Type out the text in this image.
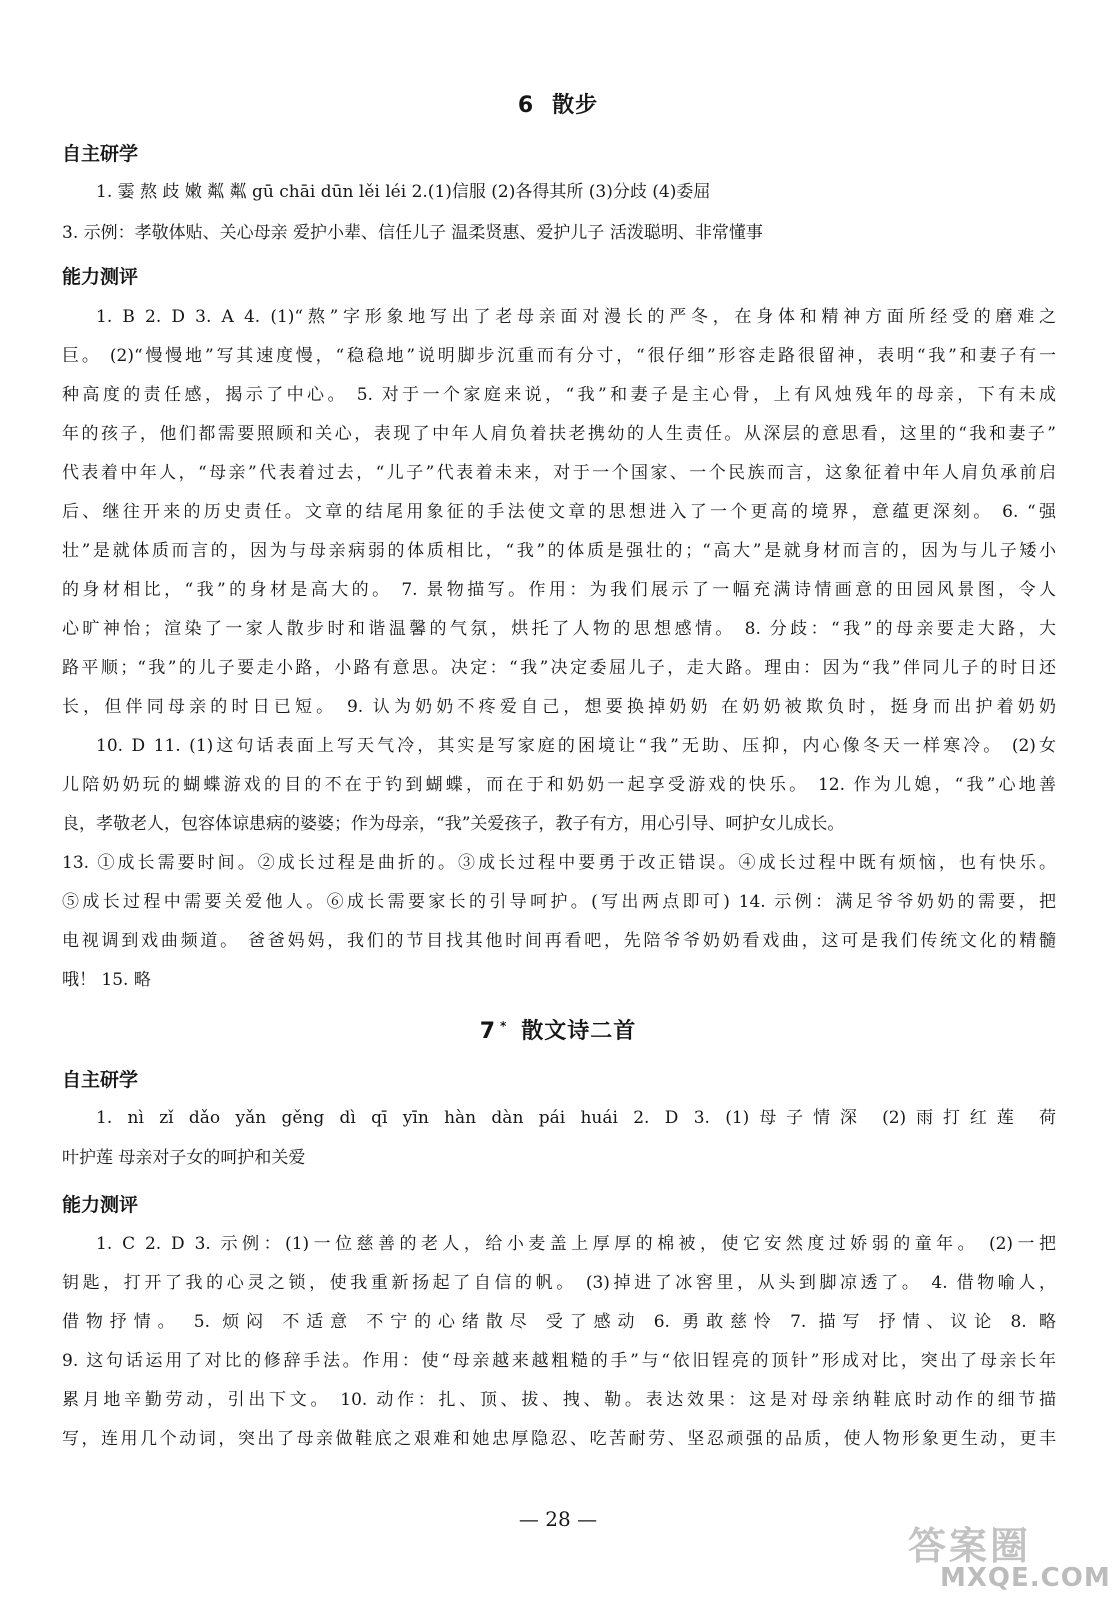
6 散步
自主研学
1. 霎 熬 歧 嫩 粼 粼 gū chāi dūn lěi léi 2.(1)信服 (2)各得其所 (3)分歧 (4)委屈
3. 示例：孝敬体贴、关心母亲 爱护小辈、信任儿子 温柔贤惠、爱护儿子 活泼聪明、非常懂事
能力测评
1. B 2. D 3. A 4. (1)“熬”字形象地写出了老母亲面对漫长的严冬，在身体和精神方面所经受的磨难之
巨。 (2)“慢慢地”写其速度慢，“稳稳地”说明脚步沉重而有分寸，“很仔细”形容走路很留神，表明“我”和妻子有一
种高度的责任感，揭示了中心。 5. 对于一个家庭来说，“我”和妻子是主心骨，上有风烛残年的母亲，下有未成
年的孩子，他们都需要照顾和关心，表现了中年人肩负着扶老携幼的人生责任。从深层的意思看，这里的“我和妻子”
代表着中年人，“母亲”代表着过去，“儿子”代表着未来，对于一个国家、一个民族而言，这象征着中年人肩负承前启
后、继往开来的历史责任。文章的结尾用象征的手法使文章的思想进入了一个更高的境界，意蕴更深刻。 6. “强
壮”是就体质而言的，因为与母亲病弱的体质相比，“我”的体质是强壮的；“高大”是就身材而言的，因为与儿子矮小
的身材相比，“我”的身材是高大的。 7. 景物描写。作用：为我们展示了一幅充满诗情画意的田园风景图，令人
心旷神怡；渲染了一家人散步时和谐温馨的气氛，烘托了人物的思想感情。 8. 分歧：“我”的母亲要走大路，大
路平顺；“我”的儿子要走小路，小路有意思。决定：“我”决定委屈儿子，走大路。理由：因为“我”伴同儿子的时日还
长，但伴同母亲的时日已短。 9. 认为奶奶不疼爱自己，想要换掉奶奶 在奶奶被欺负时，挺身而出护着奶奶
10. D 11. (1)这句话表面上写天气冷，其实是写家庭的困境让“我”无助、压抑，内心像冬天一样寒冷。 (2)女
儿陪奶奶玩的蝴蝶游戏的目的不在于钓到蝴蝶，而在于和奶奶一起享受游戏的快乐。 12. 作为儿媳，“我”心地善
良，孝敬老人，包容体谅患病的婆婆；作为母亲，“我”关爱孩子，教子有方，用心引导、呵护女儿成长。
13. ①成长需要时间。②成长过程是曲折的。③成长过程中要勇于改正错误。④成长过程中既有烦恼，也有快乐。
⑤成长过程中需要关爱他人。⑥成长需要家长的引导呵护。(写出两点即可) 14. 示例：满足爷爷奶奶的需要，把
电视调到戏曲频道。 爸爸妈妈，我们的节目找其他时间再看吧，先陪爷爷奶奶看戏曲，这可是我们传统文化的精髓
哦！ 15. 略
7 * 散文诗二首
自主研学
1. nì zǐ dǎo yǎn gěng dì qī yīn hàn dàn pái huái 2. D 3. (1)母子情深 (2)雨打红莲 荷
叶护莲 母亲对子女的呵护和关爱
能力测评
1. C 2. D 3. 示例：(1)一位慈善的老人，给小麦盖上厚厚的棉被，使它安然度过娇弱的童年。 (2)一把
钥匙，打开了我的心灵之锁，使我重新扬起了自信的帆。 (3)掉进了冰窖里，从头到脚凉透了。 4. 借物喻人，
借物抒情。 5. 烦闷 不适意 不宁的心绪散尽 受了感动 6. 勇敢慈怜 7. 描写 抒情、议论 8. 略
9. 这句话运用了对比的修辞手法。作用：使“母亲越来越粗糙的手”与“依旧锃亮的顶针”形成对比，突出了母亲长年
累月地辛勤劳动，引出下文。 10. 动作：扎、顶、拔、拽、勒。表达效果：这是对母亲纳鞋底时动作的细节描
写，连用几个动词，突出了母亲做鞋底之艰难和她忠厚隐忍、吃苦耐劳、坚忍顽强的品质，使人物形象更生动，更丰
— 28 —
答案圈
MXQE.COM
